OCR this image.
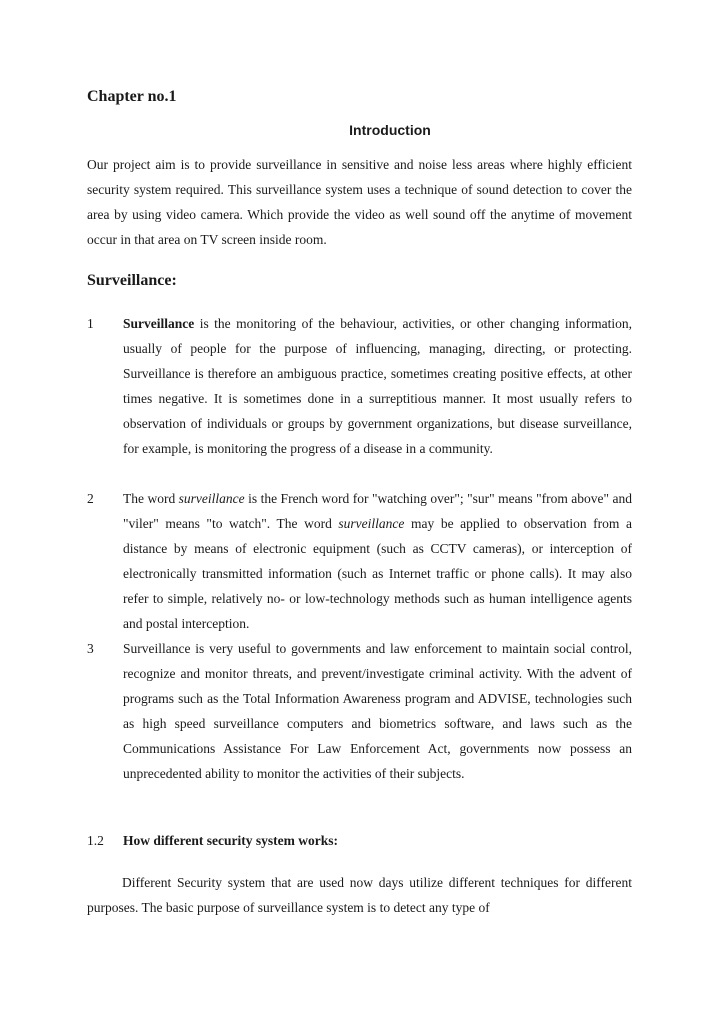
Chapter no.1
Introduction
Our project aim is to provide surveillance in sensitive and noise less areas where highly efficient security system required. This surveillance system uses a technique of sound detection to cover the area by using video camera. Which provide the video as well sound off the anytime of movement occur in that area on TV screen inside room.
Surveillance:
1 Surveillance is the monitoring of the behaviour, activities, or other changing information, usually of people for the purpose of influencing, managing, directing, or protecting. Surveillance is therefore an ambiguous practice, sometimes creating positive effects, at other times negative. It is sometimes done in a surreptitious manner. It most usually refers to observation of individuals or groups by government organizations, but disease surveillance, for example, is monitoring the progress of a disease in a community.
2 The word surveillance is the French word for "watching over"; "sur" means "from above" and "viler" means "to watch". The word surveillance may be applied to observation from a distance by means of electronic equipment (such as CCTV cameras), or interception of electronically transmitted information (such as Internet traffic or phone calls). It may also refer to simple, relatively no- or low-technology methods such as human intelligence agents and postal interception.
3 Surveillance is very useful to governments and law enforcement to maintain social control, recognize and monitor threats, and prevent/investigate criminal activity. With the advent of programs such as the Total Information Awareness program and ADVISE, technologies such as high speed surveillance computers and biometrics software, and laws such as the Communications Assistance For Law Enforcement Act, governments now possess an unprecedented ability to monitor the activities of their subjects.
1.2 How different security system works:
Different Security system that are used now days utilize different techniques for different purposes. The basic purpose of surveillance system is to detect any type of
